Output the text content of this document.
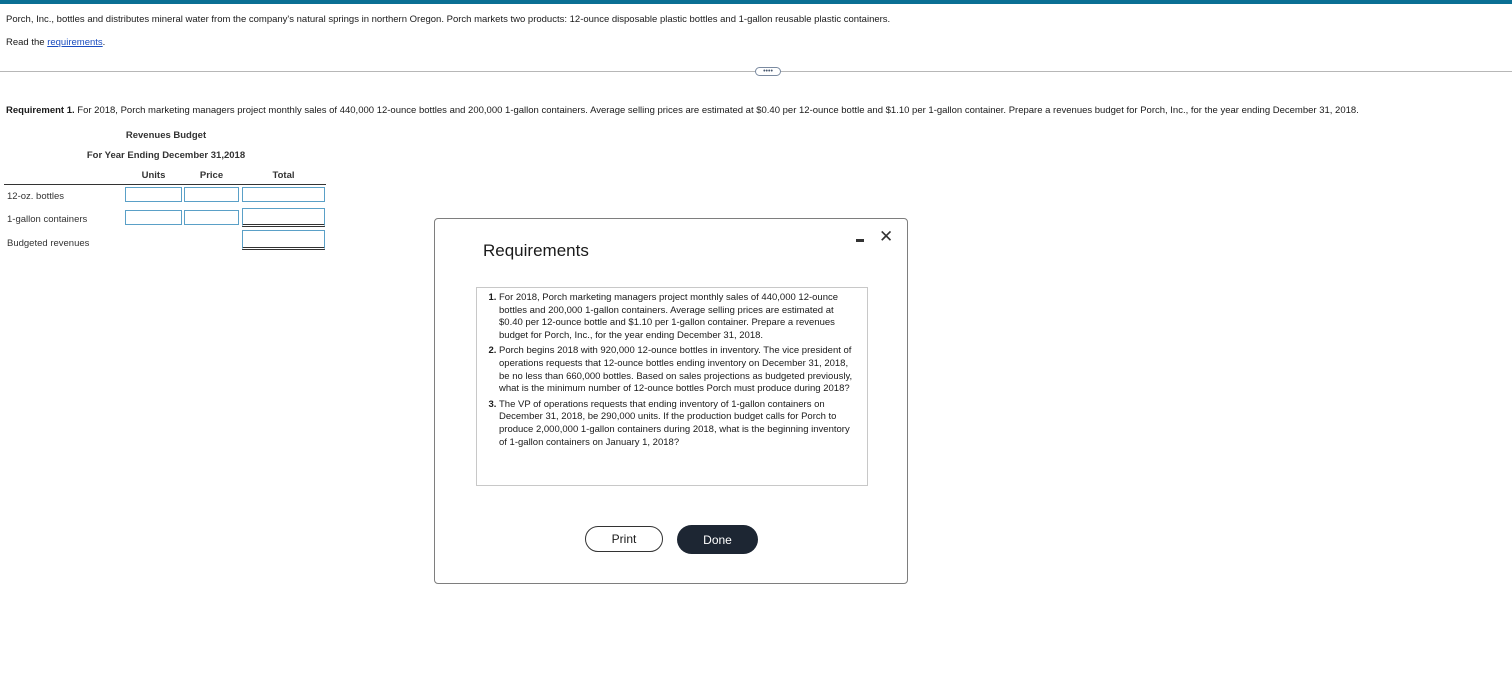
Porch, Inc., bottles and distributes mineral water from the company's natural springs in northern Oregon. Porch markets two products: 12-ounce disposable plastic bottles and 1-gallon reusable plastic containers.
Read the requirements.
••••
Requirement 1. For 2018, Porch marketing managers project monthly sales of 440,000 12-ounce bottles and 200,000 1-gallon containers. Average selling prices are estimated at $0.40 per 12-ounce bottle and $1.10 per 1-gallon container. Prepare a revenues budget for Porch, Inc., for the year ending December 31, 2018.
Revenues Budget
For Year Ending December 31,2018
Units	Price	Total
12-oz. bottles
1-gallon containers
Budgeted revenues	Requirements
✕
1. For 2018, Porch marketing managers project monthly sales of 440,000 12-ounce bottles and 200,000 1-gallon containers. Average selling prices are estimated at $0.40 per 12-ounce bottle and $1.10 per 1-gallon container. Prepare a revenues budget for Porch, Inc., for the year ending December 31, 2018.
2. Porch begins 2018 with 920,000 12-ounce bottles in inventory. The vice president of operations requests that 12-ounce bottles ending inventory on December 31, 2018, be no less than 660,000 bottles. Based on sales projections as budgeted previously, what is the minimum number of 12-ounce bottles Porch must produce during 2018?
3. The VP of operations requests that ending inventory of 1-gallon containers on December 31, 2018, be 290,000 units. If the production budget calls for Porch to produce 2,000,000 1-gallon containers during 2018, what is the beginning inventory of 1-gallon containers on January 1, 2018?
Print	Done
